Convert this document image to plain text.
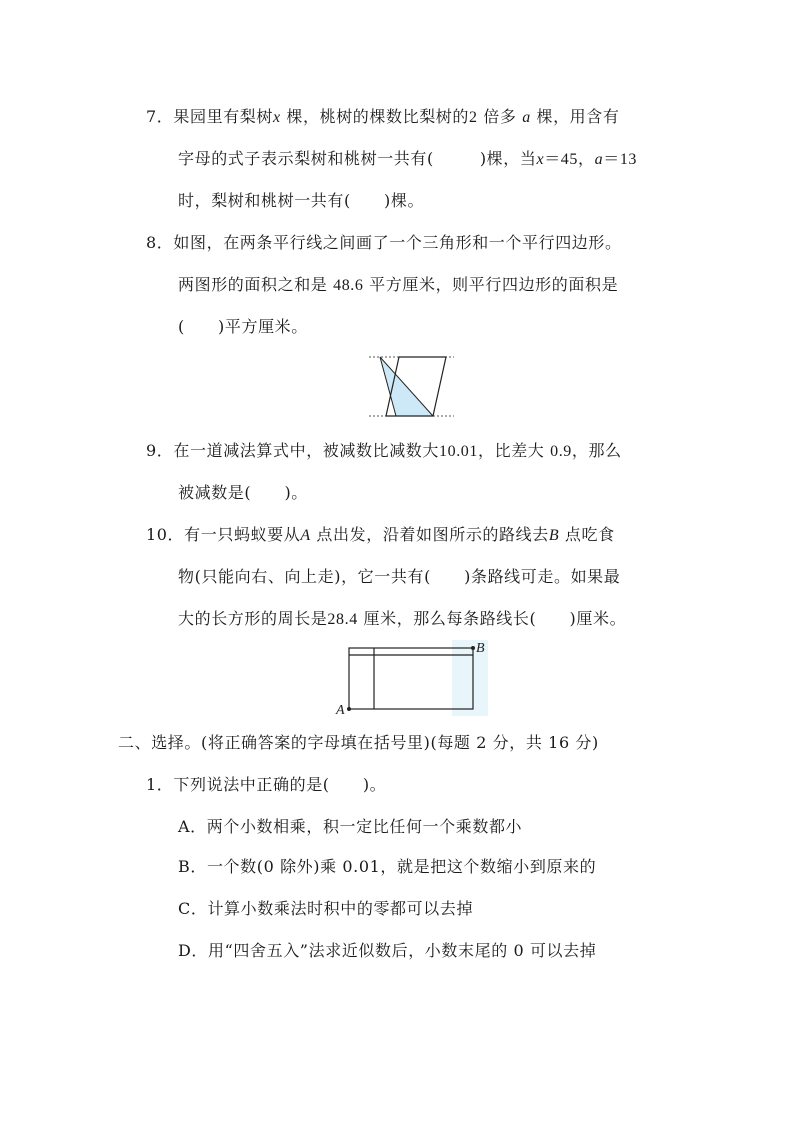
7．果园里有梨树x 棵，桃树的棵数比梨树的2 倍多 a 棵，用含有
字母的式子表示梨树和桃树一共有(	)棵，当x＝45，a＝13
时，梨树和桃树一共有(　　)棵。
8．如图，在两条平行线之间画了一个三角形和一个平行四边形。
两图形的面积之和是 48.6 平方厘米，则平行四边形的面积是
(　　)平方厘米。
9．在一道减法算式中，被减数比减数大10.01，比差大 0.9，那么
被减数是(　　)。
10．有一只蚂蚁要从A 点出发，沿着如图所示的路线去B 点吃食
物(只能向右、向上走)，它一共有(　　)条路线可走。如果最
大的长方形的周长是28.4 厘米，那么每条路线长(　　)厘米。
A
B
二、选择。(将正确答案的字母填在括号里)(每题 2 分，共 16 分)
1．下列说法中正确的是(　　)。
A．两个小数相乘，积一定比任何一个乘数都小
B．一个数(0 除外)乘 0.01，就是把这个数缩小到原来的
C．计算小数乘法时积中的零都可以去掉
D．用“四舍五入”法求近似数后，小数末尾的 0 可以去掉
